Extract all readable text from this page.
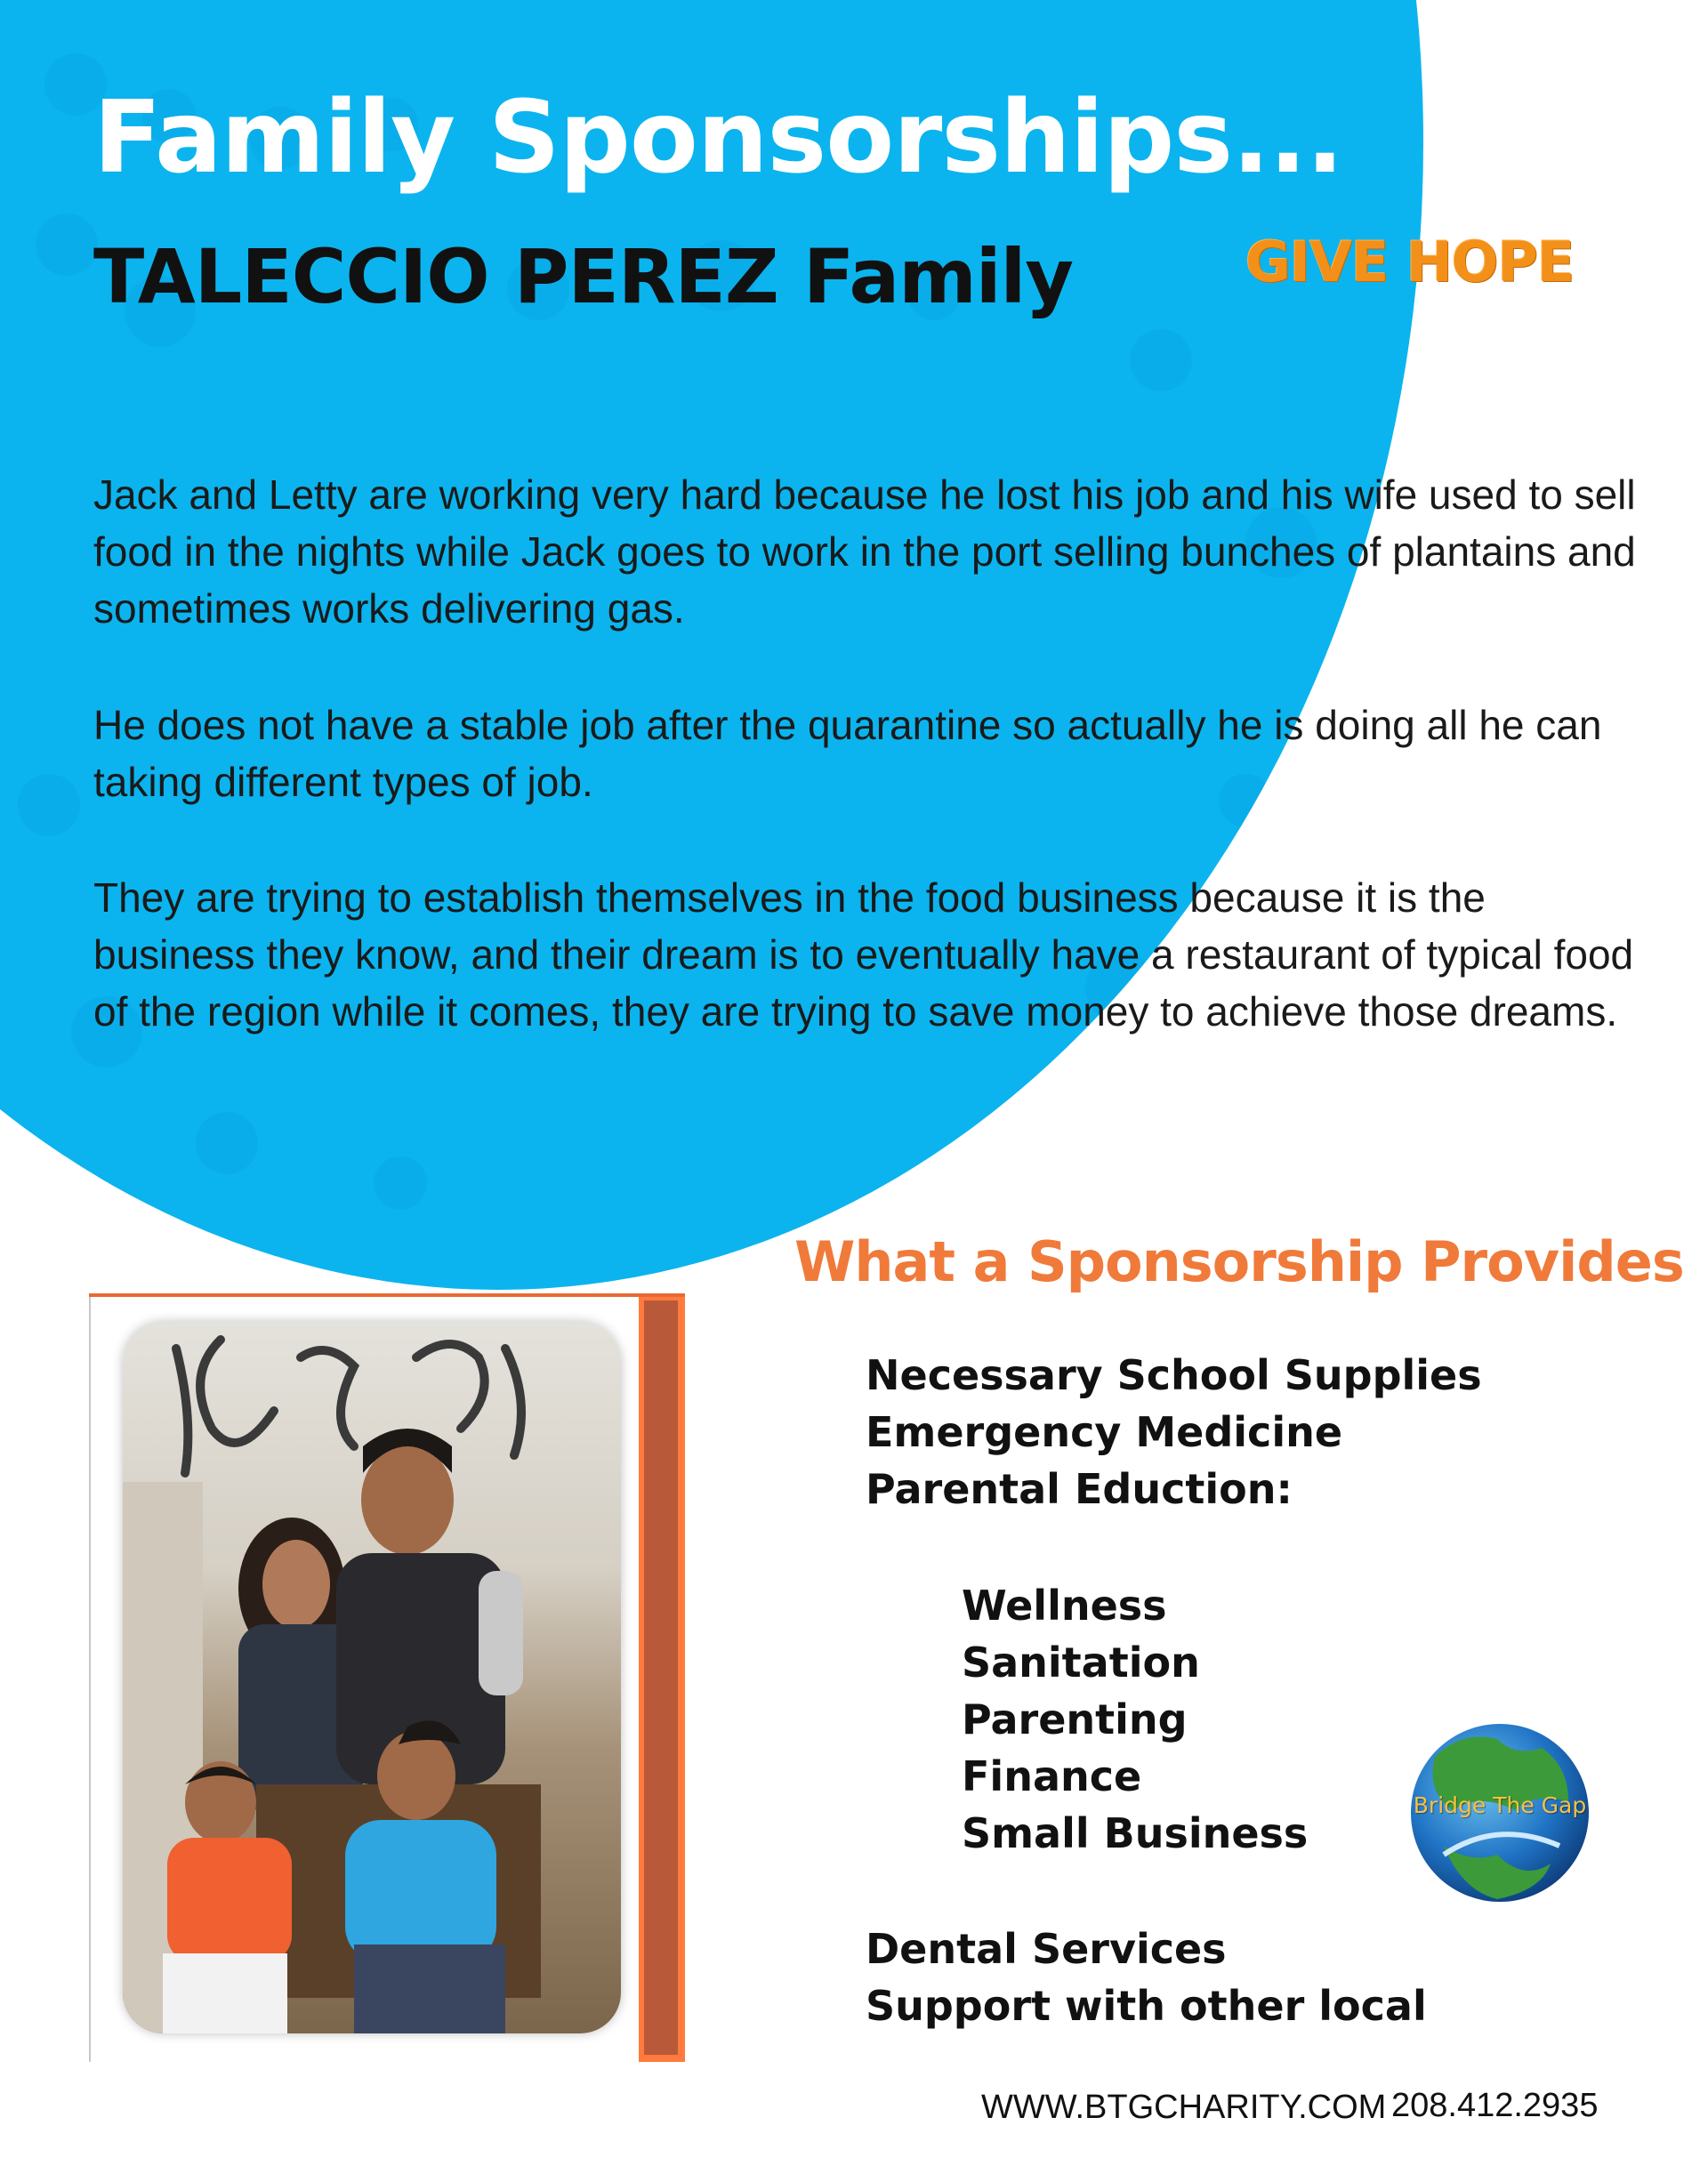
Family Sponsorships...
TALECCIO PEREZ Family	GIVE HOPE

Jack and Letty are working very hard because he lost his job and his wife used to sell food in the nights while Jack goes to work in the port selling bunches of plantains and sometimes works delivering gas.

He does not have a stable job after the quarantine so actually he is doing all he can taking different types of job.

They are trying to establish themselves in the food business because it is the business they know, and their dream is to eventually have a restaurant of typical food of the region while it comes, they are trying to save money to achieve those dreams.

What a Sponsorship Provides
Necessary School Supplies
Emergency Medicine
Parental Eduction:
Wellness
Sanitation
Parenting
Finance
Small Business
Dental Services
Support with other local
Bridge The Gap
WWW.BTGCHARITY.COM 208.412.2935
